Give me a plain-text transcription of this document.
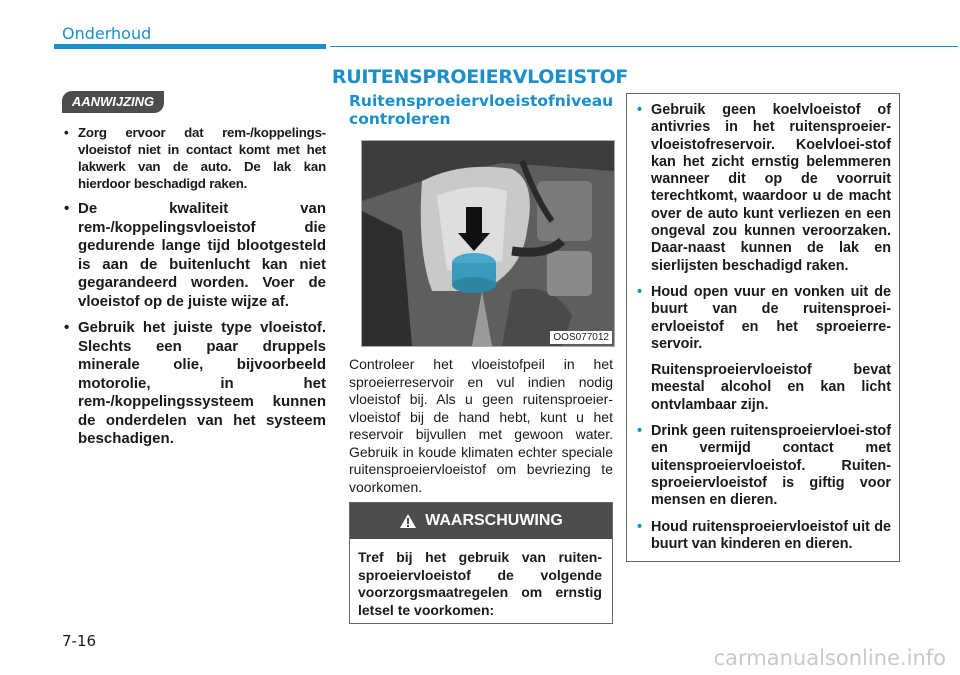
Onderhoud
RUITENSPROEIERVLOEISTOF
AANWIJZING
• Zorg ervoor dat rem-/koppelings-vloeistof niet in contact komt met het lakwerk van de auto. De lak kan hierdoor beschadigd raken.
• De kwaliteit van rem-/koppelingsvloeistof die gedurende lange tijd blootgesteld is aan de buitenlucht kan niet gegarandeerd worden. Voer de vloeistof op de juiste wijze af.
• Gebruik het juiste type vloeistof. Slechts een paar druppels minerale olie, bijvoorbeeld motorolie, in het rem-/koppelingssysteem kunnen de onderdelen van het systeem beschadigen.
Ruitensproeiervloeistofniveau controleren
OOS077012
Controleer het vloeistofpeil in het sproeierreservoir en vul indien nodig vloeistof bij. Als u geen ruitensproeier-vloeistof bij de hand hebt, kunt u het reservoir bijvullen met gewoon water. Gebruik in koude klimaten echter speciale ruitensproeiervloeistof om bevriezing te voorkomen.
WAARSCHUWING
Tref bij het gebruik van ruiten-sproeiervloeistof de volgende voorzorgsmaatregelen om ernstig letsel te voorkomen:
• Gebruik geen koelvloeistof of antivries in het ruitensproeier-vloeistofreservoir. Koelvloei-stof kan het zicht ernstig belemmeren wanneer dit op de voorruit terechtkomt, waardoor u de macht over de auto kunt verliezen en een ongeval zou kunnen veroorzaken. Daar-naast kunnen de lak en sierlijsten beschadigd raken.
• Houd open vuur en vonken uit de buurt van de ruitensproei-ervloeistof en het sproeierre-servoir.
Ruitensproeiervloeistof bevat meestal alcohol en kan licht ontvlambaar zijn.
• Drink geen ruitensproeiervloei-stof en vermijd contact met uitensproeiervloeistof. Ruiten-sproeiervloeistof is giftig voor mensen en dieren.
• Houd ruitensproeiervloeistof uit de buurt van kinderen en dieren.
7-16
carmanualsonline.info
